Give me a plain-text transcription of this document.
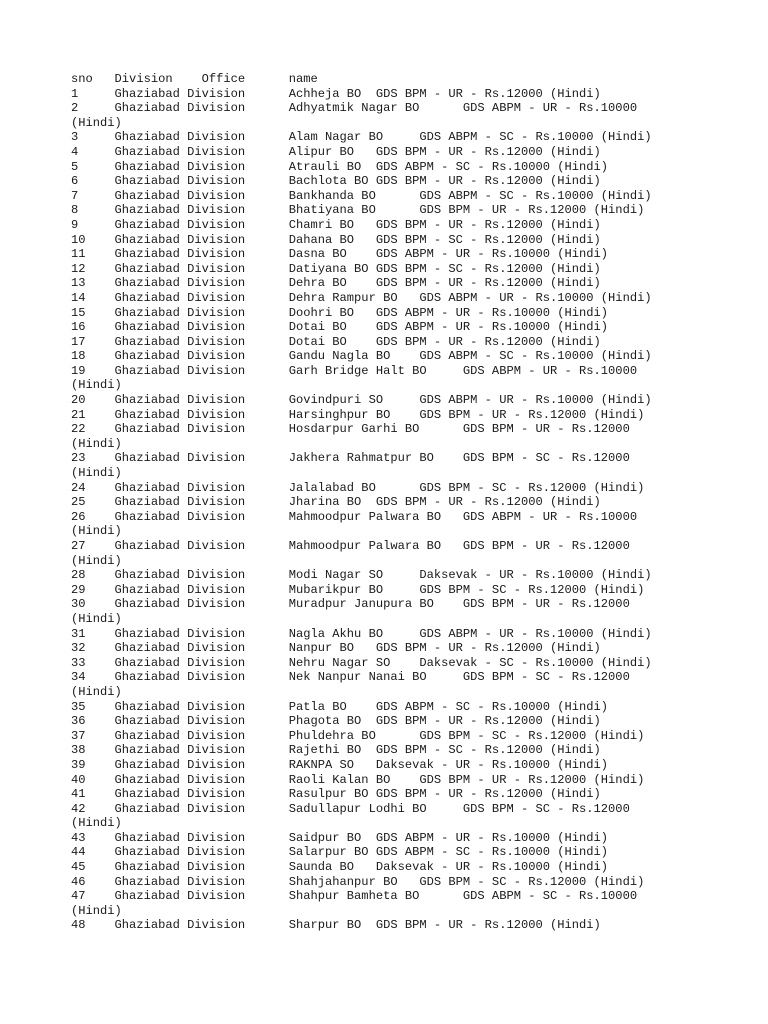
sno	Division	Office	name
1	Ghaziabad Division	Achheja BO	GDS BPM - UR - Rs.12000 (Hindi)
2	Ghaziabad Division	Adhyatmik Nagar BO	GDS ABPM - UR - Rs.10000
(Hindi)
3	Ghaziabad Division	Alam Nagar BO	GDS ABPM - SC - Rs.10000 (Hindi)
4	Ghaziabad Division	Alipur BO	GDS BPM - UR - Rs.12000 (Hindi)
5	Ghaziabad Division	Atrauli BO	GDS ABPM - SC - Rs.10000 (Hindi)
6	Ghaziabad Division	Bachlota BO	GDS BPM - UR - Rs.12000 (Hindi)
7	Ghaziabad Division	Bankhanda BO	GDS ABPM - SC - Rs.10000 (Hindi)
8	Ghaziabad Division	Bhatiyana BO	GDS BPM - UR - Rs.12000 (Hindi)
9	Ghaziabad Division	Chamri BO	GDS BPM - UR - Rs.12000 (Hindi)
10	Ghaziabad Division	Dahana BO	GDS BPM - SC - Rs.12000 (Hindi)
11	Ghaziabad Division	Dasna BO	GDS ABPM - UR - Rs.10000 (Hindi)
12	Ghaziabad Division	Datiyana BO	GDS BPM - SC - Rs.12000 (Hindi)
13	Ghaziabad Division	Dehra BO	GDS BPM - UR - Rs.12000 (Hindi)
14	Ghaziabad Division	Dehra Rampur BO	GDS ABPM - UR - Rs.10000 (Hindi)
15	Ghaziabad Division	Doohri BO	GDS ABPM - UR - Rs.10000 (Hindi)
16	Ghaziabad Division	Dotai BO	GDS ABPM - UR - Rs.10000 (Hindi)
17	Ghaziabad Division	Dotai BO	GDS BPM - UR - Rs.12000 (Hindi)
18	Ghaziabad Division	Gandu Nagla BO	GDS ABPM - SC - Rs.10000 (Hindi)
19	Ghaziabad Division	Garh Bridge Halt BO	GDS ABPM - UR - Rs.10000
(Hindi)
20	Ghaziabad Division	Govindpuri SO	GDS ABPM - UR - Rs.10000 (Hindi)
21	Ghaziabad Division	Harsinghpur BO	GDS BPM - UR - Rs.12000 (Hindi)
22	Ghaziabad Division	Hosdarpur Garhi BO	GDS BPM - UR - Rs.12000
(Hindi)
23	Ghaziabad Division	Jakhera Rahmatpur BO	GDS BPM - SC - Rs.12000
(Hindi)
24	Ghaziabad Division	Jalalabad BO	GDS BPM - SC - Rs.12000 (Hindi)
25	Ghaziabad Division	Jharina BO	GDS BPM - UR - Rs.12000 (Hindi)
26	Ghaziabad Division	Mahmoodpur Palwara BO	GDS ABPM - UR - Rs.10000
(Hindi)
27	Ghaziabad Division	Mahmoodpur Palwara BO	GDS BPM - UR - Rs.12000
(Hindi)
28	Ghaziabad Division	Modi Nagar SO	Daksevak - UR - Rs.10000 (Hindi)
29	Ghaziabad Division	Mubarikpur BO	GDS BPM - SC - Rs.12000 (Hindi)
30	Ghaziabad Division	Muradpur Janupura BO	GDS BPM - UR - Rs.12000
(Hindi)
31	Ghaziabad Division	Nagla Akhu BO	GDS ABPM - UR - Rs.10000 (Hindi)
32	Ghaziabad Division	Nanpur BO	GDS BPM - UR - Rs.12000 (Hindi)
33	Ghaziabad Division	Nehru Nagar SO	Daksevak - SC - Rs.10000 (Hindi)
34	Ghaziabad Division	Nek Nanpur Nanai BO	GDS BPM - SC - Rs.12000
(Hindi)
35	Ghaziabad Division	Patla BO	GDS ABPM - SC - Rs.10000 (Hindi)
36	Ghaziabad Division	Phagota BO	GDS BPM - UR - Rs.12000 (Hindi)
37	Ghaziabad Division	Phuldehra BO	GDS BPM - SC - Rs.12000 (Hindi)
38	Ghaziabad Division	Rajethi BO	GDS BPM - SC - Rs.12000 (Hindi)
39	Ghaziabad Division	RAKNPA SO	Daksevak - UR - Rs.10000 (Hindi)
40	Ghaziabad Division	Raoli Kalan BO	GDS BPM - UR - Rs.12000 (Hindi)
41	Ghaziabad Division	Rasulpur BO	GDS BPM - UR - Rs.12000 (Hindi)
42	Ghaziabad Division	Sadullapur Lodhi BO	GDS BPM - SC - Rs.12000
(Hindi)
43	Ghaziabad Division	Saidpur BO	GDS ABPM - UR - Rs.10000 (Hindi)
44	Ghaziabad Division	Salarpur BO	GDS ABPM - SC - Rs.10000 (Hindi)
45	Ghaziabad Division	Saunda BO	Daksevak - UR - Rs.10000 (Hindi)
46	Ghaziabad Division	Shahjahanpur BO	GDS BPM - SC - Rs.12000 (Hindi)
47	Ghaziabad Division	Shahpur Bamheta BO	GDS ABPM - SC - Rs.10000
(Hindi)
48	Ghaziabad Division	Sharpur BO	GDS BPM - UR - Rs.12000 (Hindi)
